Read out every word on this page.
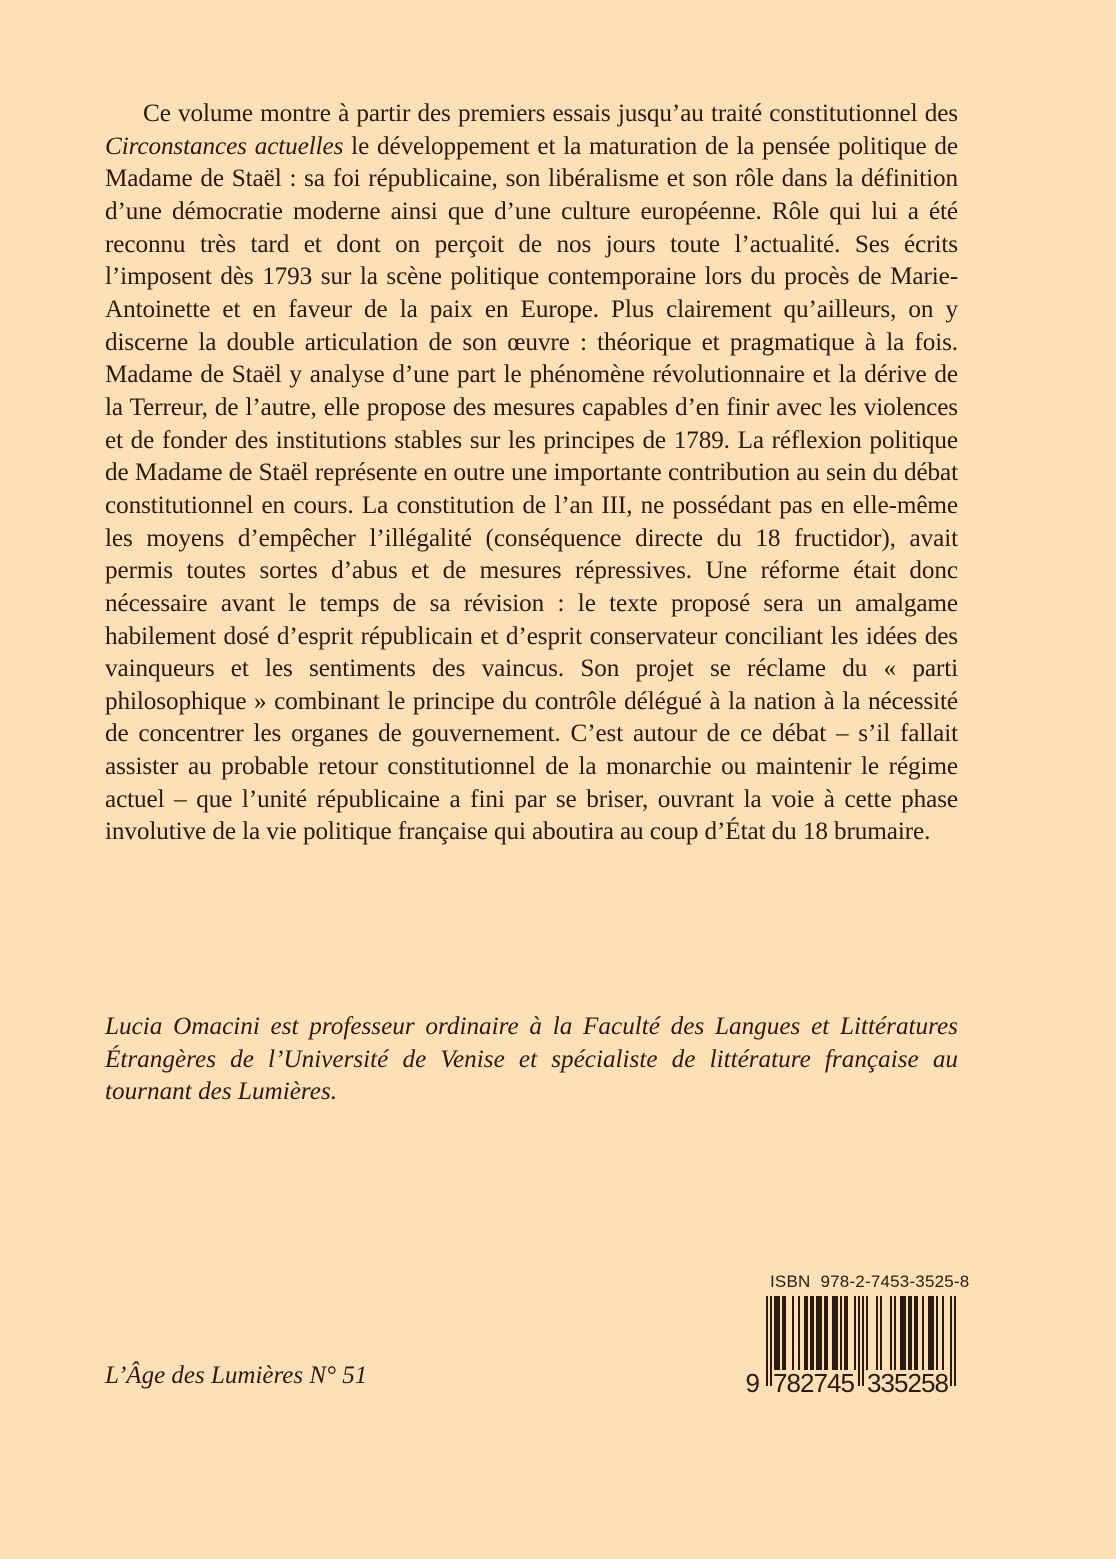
Ce volume montre à partir des premiers essais jusqu’au traité constitutionnel des Circonstances actuelles le développement et la maturation de la pensée politique de Madame de Staël : sa foi républicaine, son libéralisme et son rôle dans la définition d’une démocratie moderne ainsi que d’une culture européenne. Rôle qui lui a été reconnu très tard et dont on perçoit de nos jours toute l’actualité. Ses écrits l’imposent dès 1793 sur la scène politique contemporaine lors du procès de Marie-Antoinette et en faveur de la paix en Europe. Plus clairement qu’ailleurs, on y discerne la double articulation de son œuvre : théorique et pragmatique à la fois. Madame de Staël y analyse d’une part le phénomène révolutionnaire et la dérive de la Terreur, de l’autre, elle propose des mesures capables d’en finir avec les violences et de fonder des institutions stables sur les principes de 1789. La réflexion politique de Madame de Staël représente en outre une importante contribution au sein du débat constitutionnel en cours. La constitution de l’an III, ne possédant pas en elle-même les moyens d’empêcher l’illégalité (conséquence directe du 18 fructidor), avait permis toutes sortes d’abus et de mesures répressives. Une réforme était donc nécessaire avant le temps de sa révision : le texte proposé sera un amalgame habilement dosé d’esprit républicain et d’esprit conservateur conciliant les idées des vainqueurs et les sentiments des vaincus. Son projet se réclame du « parti philosophique » combinant le principe du contrôle délégué à la nation à la nécessité de concentrer les organes de gouvernement. C’est autour de ce débat – s’il fallait assister au probable retour constitutionnel de la monarchie ou maintenir le régime actuel – que l’unité républicaine a fini par se briser, ouvrant la voie à cette phase involutive de la vie politique française qui aboutira au coup d’État du 18 brumaire.

Lucia Omacini est professeur ordinaire à la Faculté des Langues et Littératures Étrangères de l’Université de Venise et spécialiste de littérature française au tournant des Lumières.

L’Âge des Lumières N° 51
ISBN 978-2-7453-3525-8
9 782745 335258
